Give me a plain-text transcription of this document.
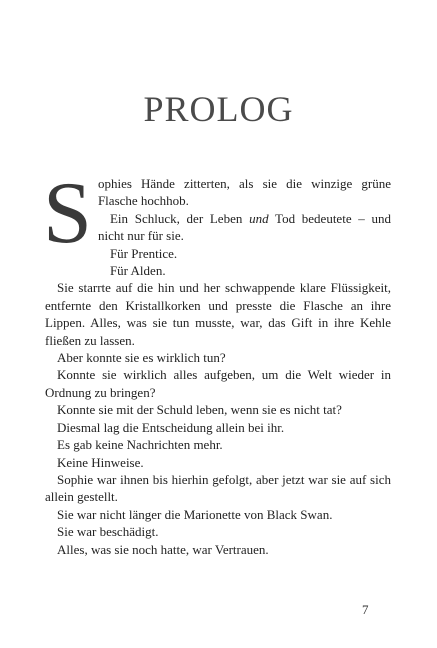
PROLOG

Sophies Hände zitterten, als sie die winzige grüne Flasche hochhob.

Ein Schluck, der Leben und Tod bedeutete – und nicht nur für sie.

Für Prentice.

Für Alden.

Sie starrte auf die hin und her schwappende klare Flüssigkeit, entfernte den Kristallkorken und presste die Flasche an ihre Lippen. Alles, was sie tun musste, war, das Gift in ihre Kehle fließen zu lassen.

Aber konnte sie es wirklich tun?

Konnte sie wirklich alles aufgeben, um die Welt wieder in Ordnung zu bringen?

Konnte sie mit der Schuld leben, wenn sie es nicht tat?

Diesmal lag die Entscheidung allein bei ihr.

Es gab keine Nachrichten mehr.

Keine Hinweise.

Sophie war ihnen bis hierhin gefolgt, aber jetzt war sie auf sich allein gestellt.

Sie war nicht länger die Marionette von Black Swan.

Sie war beschädigt.

Alles, was sie noch hatte, war Vertrauen.

7
